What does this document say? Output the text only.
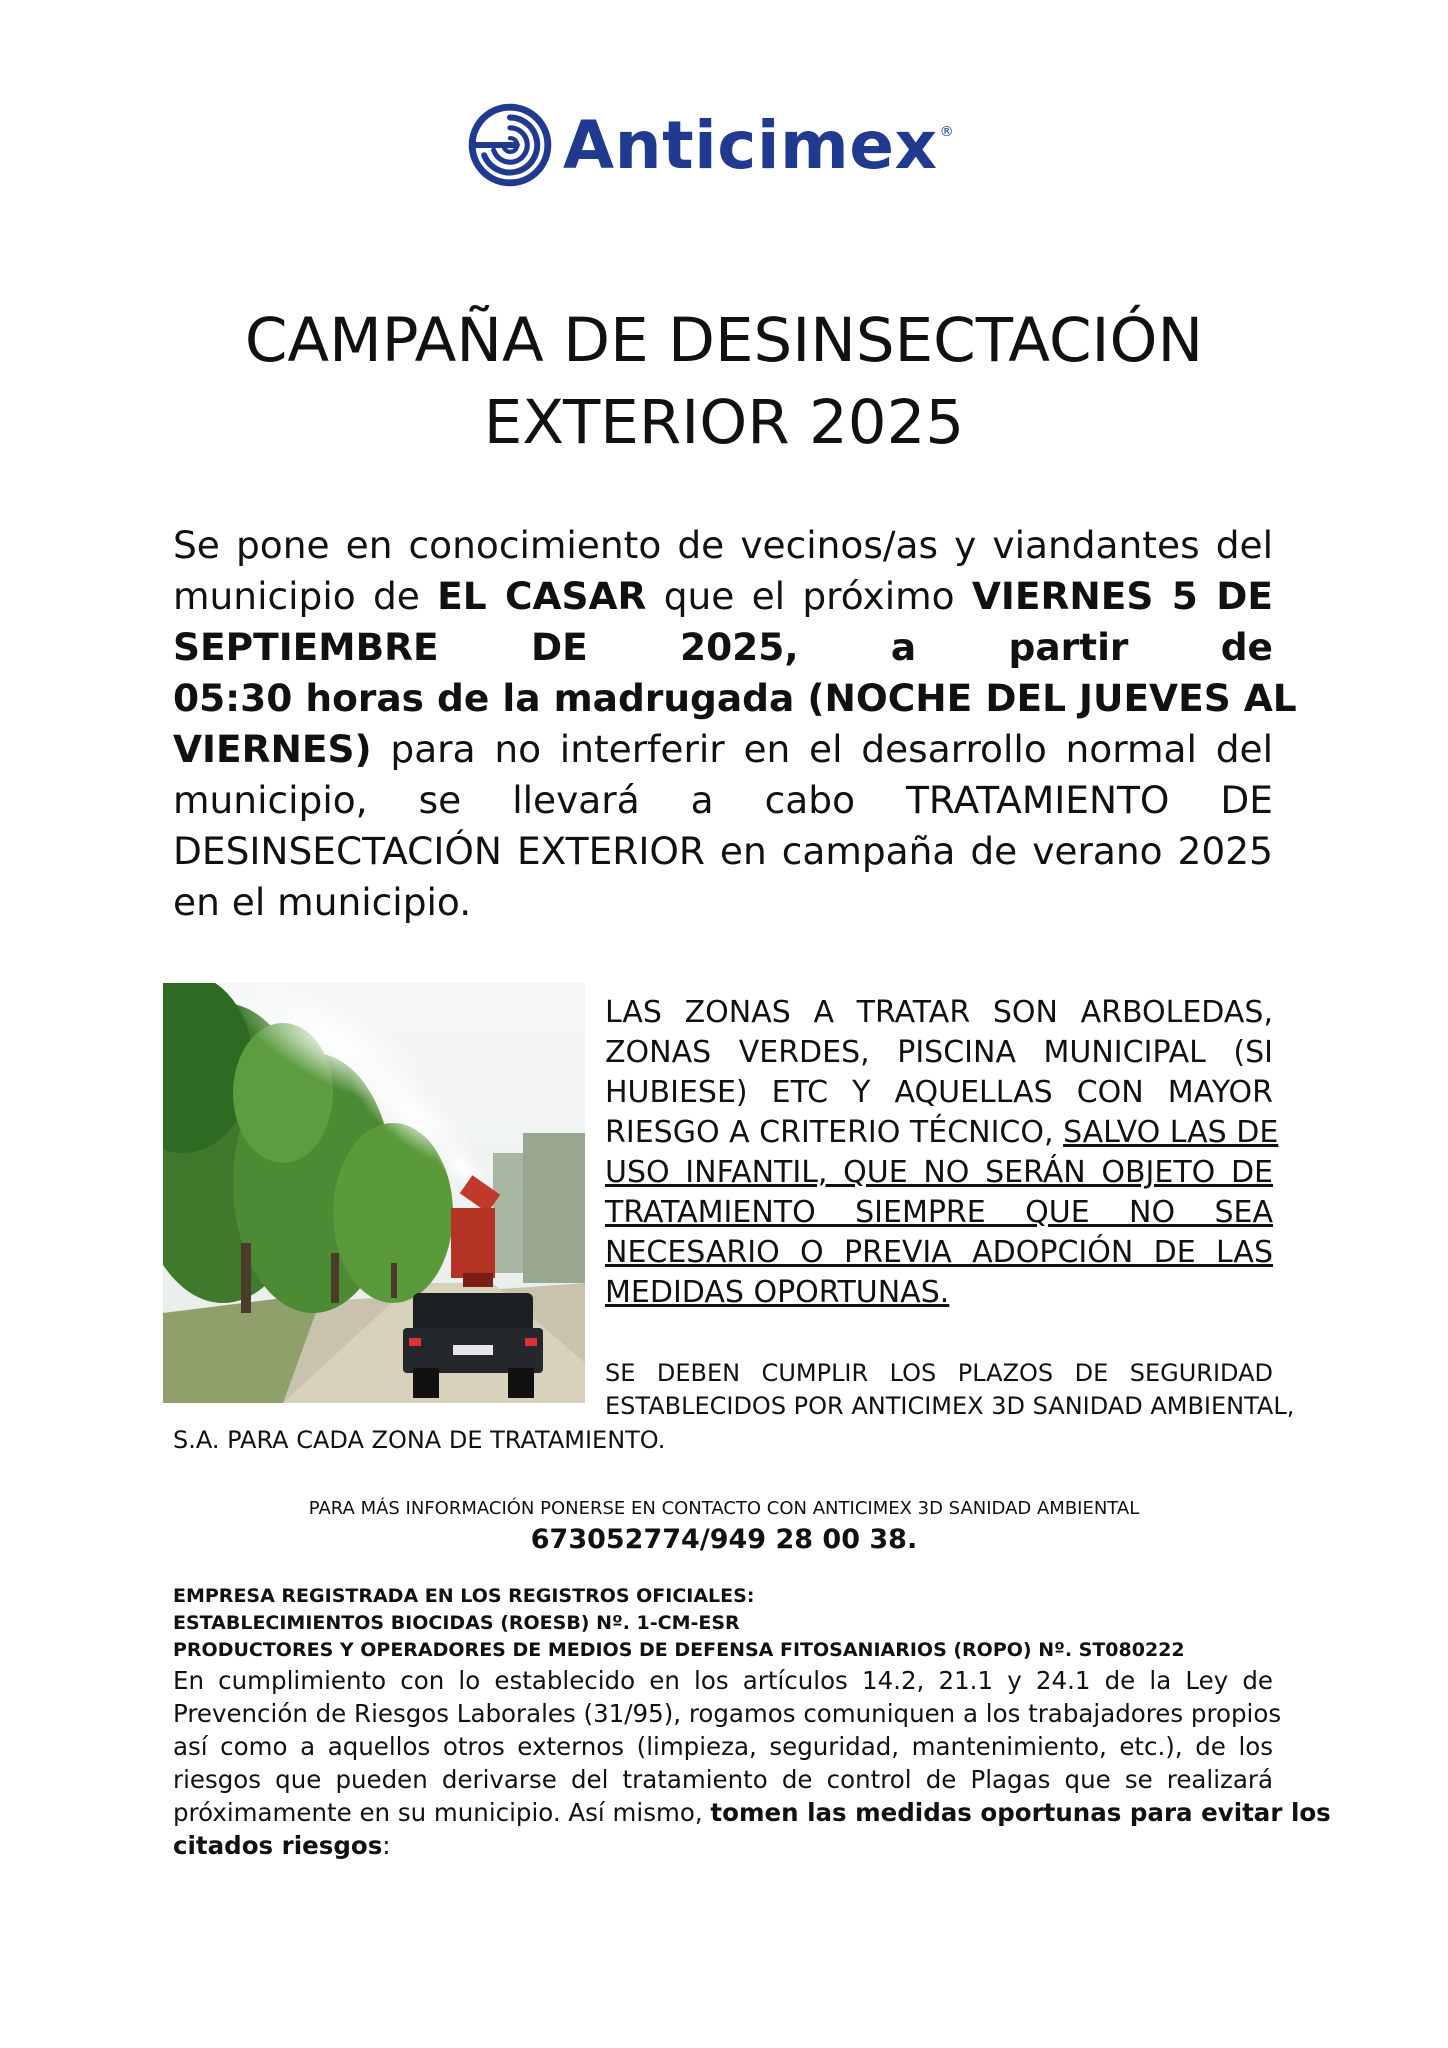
Anticimex ®
CAMPAÑA DE DESINSECTACIÓN
EXTERIOR 2025
Se pone en conocimiento de vecinos/as y viandantes del
municipio de EL CASAR que el próximo VIERNES 5 DE
SEPTIEMBRE DE 2025, a partir de
05:30 horas de la madrugada (NOCHE DEL JUEVES AL
VIERNES) para no interferir en el desarrollo normal del
municipio, se llevará a cabo TRATAMIENTO DE
DESINSECTACIÓN EXTERIOR en campaña de verano 2025
en el municipio.
LAS ZONAS A TRATAR SON ARBOLEDAS,
ZONAS VERDES, PISCINA MUNICIPAL (SI
HUBIESE) ETC Y AQUELLAS CON MAYOR
RIESGO A CRITERIO TÉCNICO, SALVO LAS DE
USO INFANTIL, QUE NO SERÁN OBJETO DE
TRATAMIENTO SIEMPRE QUE NO SEA
NECESARIO O PREVIA ADOPCIÓN DE LAS
MEDIDAS OPORTUNAS.
SE DEBEN CUMPLIR LOS PLAZOS DE SEGURIDAD
ESTABLECIDOS POR ANTICIMEX 3D SANIDAD AMBIENTAL,
S.A. PARA CADA ZONA DE TRATAMIENTO.
PARA MÁS INFORMACIÓN PONERSE EN CONTACTO CON ANTICIMEX 3D SANIDAD AMBIENTAL
673052774/949 28 00 38.
EMPRESA REGISTRADA EN LOS REGISTROS OFICIALES:
ESTABLECIMIENTOS BIOCIDAS (ROESB) Nº. 1-CM-ESR
PRODUCTORES Y OPERADORES DE MEDIOS DE DEFENSA FITOSANIARIOS (ROPO) Nº. ST080222
En cumplimiento con lo establecido en los artículos 14.2, 21.1 y 24.1 de la Ley de
Prevención de Riesgos Laborales (31/95), rogamos comuniquen a los trabajadores propios
así como a aquellos otros externos (limpieza, seguridad, mantenimiento, etc.), de los
riesgos que pueden derivarse del tratamiento de control de Plagas que se realizará
próximamente en su municipio. Así mismo, tomen las medidas oportunas para evitar los
citados riesgos:
